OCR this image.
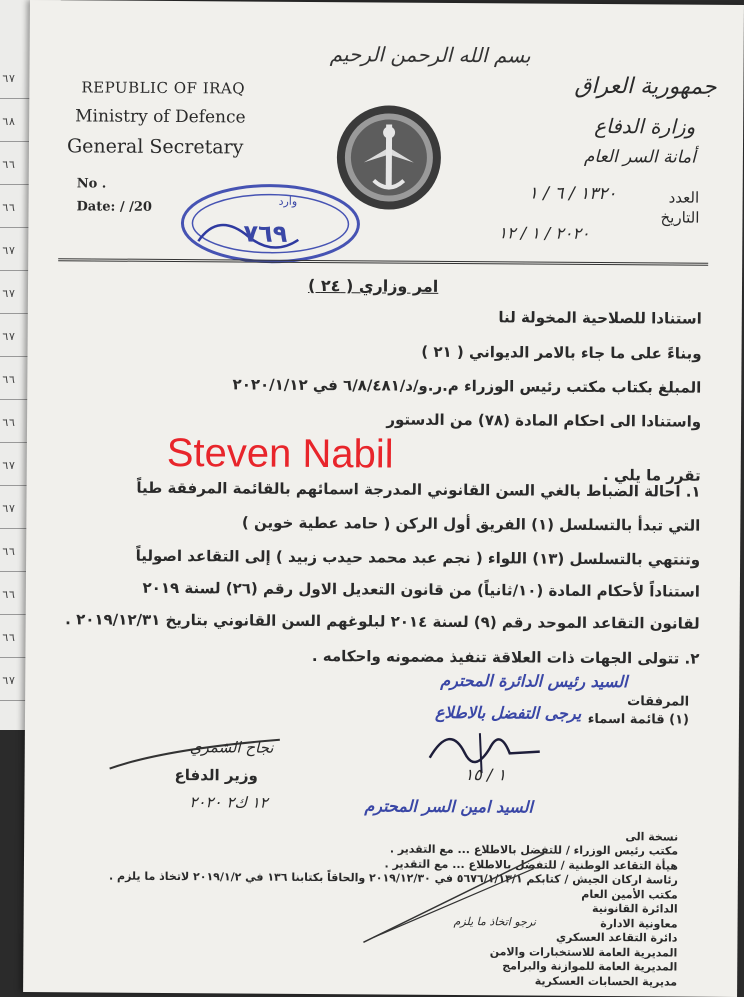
٦٧
٦٨
٦٦
٦٦
٦٧
٦٧
٦٧
٦٦
٦٦
٦٧
٦٧
٦٦
٦٦
٦٦
٦٧
بسم الله الرحمن الرحيم
REPUBLIC OF IRAQ
Ministry of Defence
General Secretary
No .
Date: / /20
جمهورية العراق
وزارة الدفاع
أمانة السر العام
العدد
١٣٢٠ / ٦ / ١
التاريخ
٢٠٢٠ / ١ / ١٢
وارد
٧٦٩
امر وزاري ( ٢٤ )
استنادا للصلاحية المخولة لنا
وبناءً على ما جاء بالامر الديواني ( ٢١ )
المبلغ بكتاب مكتب رئيس الوزراء م.ر.و/د/٦/٨/٤٨١ في ٢٠٢٠/١/١٢
واستنادا الى احكام المادة (٧٨) من الدستور
تقرر ما يلي .
Steven Nabil
١. احالة الضباط بالغي السن القانوني المدرجة اسمائهم بالقائمة المرفقة طياً
التي تبدأ بالتسلسل (١) الفريق أول الركن ( حامد عطية خوين )
وتنتهي بالتسلسل (١٣) اللواء ( نجم عبد محمد حيدب زبيد ) إلى التقاعد اصولياً
استناداً لأحكام المادة (١٠/ثانياً) من قانون التعديل الاول رقم (٢٦) لسنة ٢٠١٩
لقانون التقاعد الموحد رقم (٩) لسنة ٢٠١٤ لبلوغهم السن القانوني بتاريخ ٢٠١٩/١٢/٣١ .
٢. تتولى الجهات ذات العلاقة تنفيذ مضمونه واحكامه .
السيد رئيس الدائرة المحترم
يرجى التفضل بالاطلاع
المرفقات
(١) قائمة اسماء
١ / ١٥
السيد امين السر المحترم
نجاح الشمري
وزير الدفاع
١٢ ك٢ ٢٠٢٠
نسخة الى
مكتب رئيس الوزراء / للتفضل بالاطلاع ... مع التقدير .
هيأة التقاعد الوطنية / للتفضل بالاطلاع ... مع التقدير .
رئاسة اركان الجيش / كتابكم ٥٦٧٦/١/١٣/١ في ٢٠١٩/١٢/٣٠ والحاقاً بكتابنا ١٣٦ في ٢٠١٩/١/٢ لاتخاذ ما يلزم .
مكتب الأمين العام
الدائرة القانونية
معاونية الادارة
دائرة التقاعد العسكري
المديرية العامة للاستخبارات والامن
المديرية العامة للموازنة والبرامج
مديرية الحسابات العسكرية
نرجو اتخاذ ما يلزم
